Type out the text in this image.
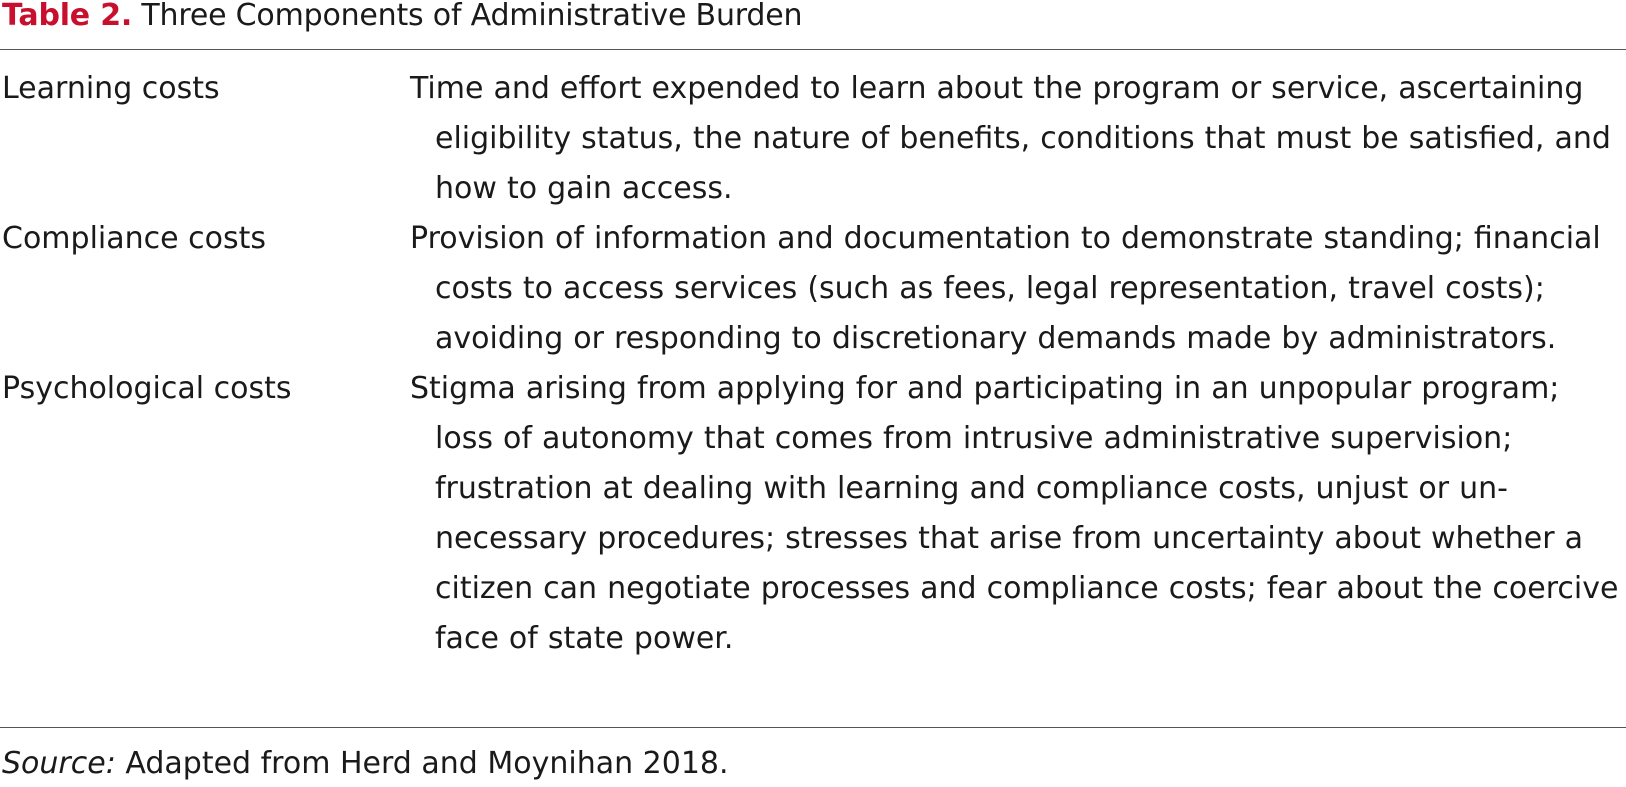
Table 2. Three Components of Administrative Burden
Learning costs	Time and effort expended to learn about the program or service, ascertaining eligibility status, the nature of benefits, conditions that must be satisfied, and how to gain access.
Compliance costs	Provision of information and documentation to demonstrate standing; financial costs to access services (such as fees, legal representation, travel costs); avoiding or responding to discretionary demands made by administrators.
Psychological costs	Stigma arising from applying for and participating in an unpopular program; loss of autonomy that comes from intrusive administrative supervision; frustration at dealing with learning and compliance costs, unjust or unnecessary procedures; stresses that arise from uncertainty about whether a citizen can negotiate processes and compliance costs; fear about the coercive face of state power.
Source: Adapted from Herd and Moynihan 2018.
